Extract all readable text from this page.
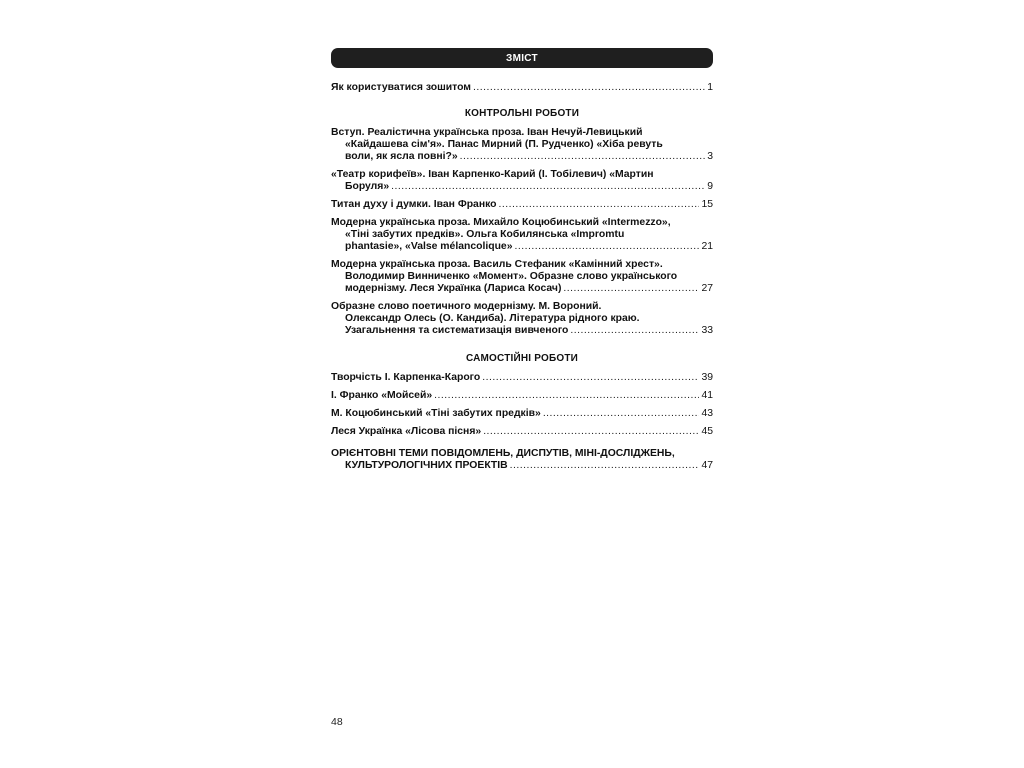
ЗМІСТ
Як користуватися зошитом . . .	1
КОНТРОЛЬНІ РОБОТИ
Вступ. Реалістична українська проза. Іван Нечуй-Левицький
«Кайдашева сім'я». Панас Мирний (П. Рудченко) «Хіба ревуть
воли, як ясла повні?» . . .	3
«Театр корифеїв». Іван Карпенко-Карий (І. Тобілевич) «Мартин
Боруля» . . .	9
Титан духу і думки. Іван Франко . . .	15
Модерна українська проза. Михайло Коцюбинський «Intermezzo»,
«Тіні забутих предків». Ольга Кобилянська «Impromtu
phantasie», «Valse mélancolique» . . .	21
Модерна українська проза. Василь Стефаник «Камінний хрест».
Володимир Винниченко «Момент». Образне слово українського
модернізму. Леся Українка (Лариса Косач) . . .	27
Образне слово поетичного модернізму. М. Вороний.
Олександр Олесь (О. Кандиба). Література рідного краю.
Узагальнення та систематизація вивченого . . .	33
САМОСТІЙНІ РОБОТИ
Творчість І. Карпенка-Карого . . .	39
І. Франко «Мойсей» . . .	41
М. Коцюбинський «Тіні забутих предків» . . .	43
Леся Українка «Лісова пісня» . . .	45
ОРІЄНТОВНІ ТЕМИ ПОВІДОМЛЕНЬ, ДИСПУТІВ, МІНІ-ДОСЛІДЖЕНЬ,
КУЛЬТУРОЛОГІЧНИХ ПРОЕКТІВ . . .	47
48
